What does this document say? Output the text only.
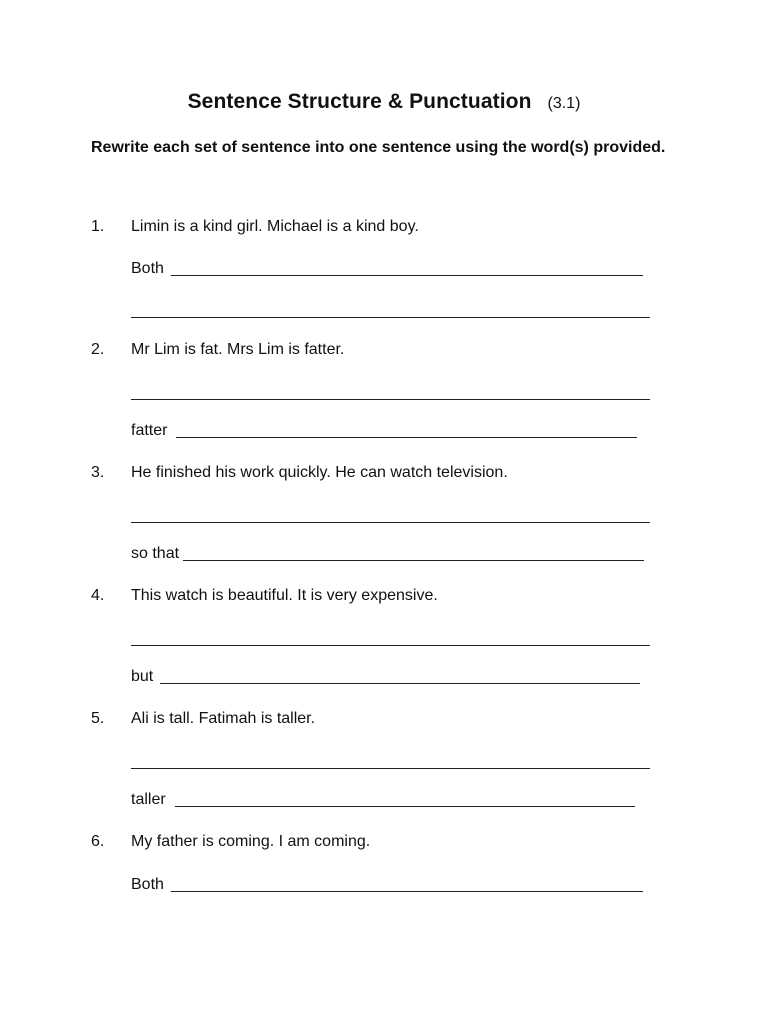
Sentence Structure & Punctuation (3.1)
Rewrite each set of sentence into one sentence using the word(s) provided.
1. Limin is a kind girl. Michael is a kind boy.
Both
2. Mr Lim is fat. Mrs Lim is fatter.
fatter
3. He finished his work quickly. He can watch television.
so that
4. This watch is beautiful. It is very expensive.
but
5. Ali is tall. Fatimah is taller.
taller
6. My father is coming. I am coming.
Both
